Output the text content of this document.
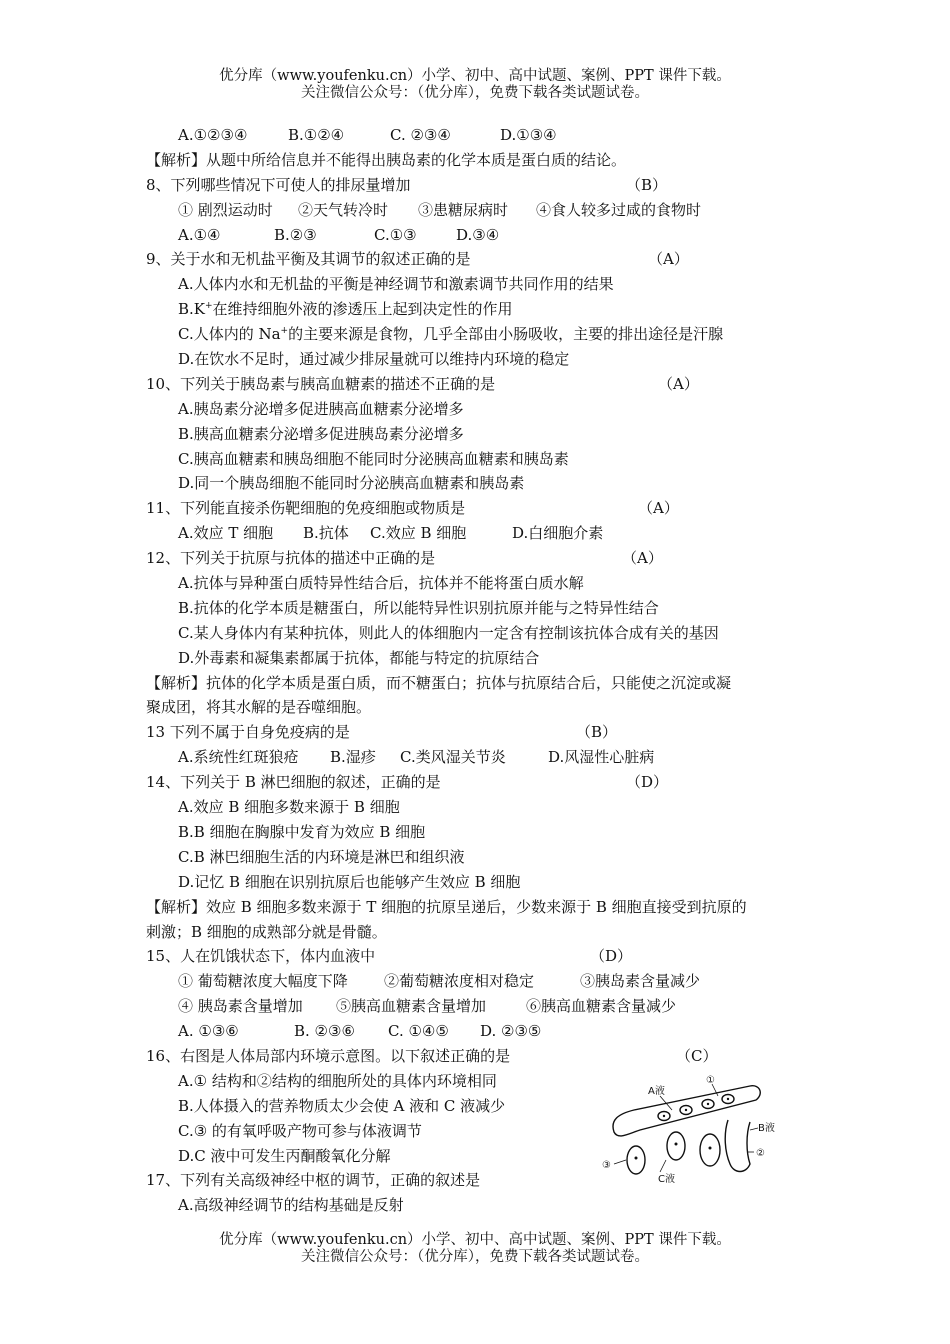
优分库（www.youfenku.cn）小学、初中、高中试题、案例、PPT 课件下载。
关注微信公众号：（优分库），免费下载各类试题试卷。
A.①②③④	B.①②④	C. ②③④	D.①③④
【解析】从题中所给信息并不能得出胰岛素的化学本质是蛋白质的结论。
8、下列哪些情况下可使人的排尿量增加	（B）
① 剧烈运动时 ②天气转冷时 ③患糖尿病时 ④食人较多过咸的食物时
A.①④	B.②③	C.①③	D.③④
9、关于水和无机盐平衡及其调节的叙述正确的是	（A）
A.人体内水和无机盐的平衡是神经调节和激素调节共同作用的结果
B.K+在维持细胞外液的渗透压上起到决定性的作用
C.人体内的 Na+的主要来源是食物，几乎全部由小肠吸收，主要的排出途径是汗腺
D.在饮水不足时，通过减少排尿量就可以维持内环境的稳定
10、下列关于胰岛素与胰高血糖素的描述不正确的是	（A）
A.胰岛素分泌增多促进胰高血糖素分泌增多
B.胰高血糖素分泌增多促进胰岛素分泌增多
C.胰高血糖素和胰岛细胞不能同时分泌胰高血糖素和胰岛素
D.同一个胰岛细胞不能同时分泌胰高血糖素和胰岛素
11、下列能直接杀伤靶细胞的免疫细胞或物质是	（A）
A.效应 T 细胞 B.抗体 C.效应 B 细胞	D.白细胞介素
12、下列关于抗原与抗体的描述中正确的是	（A）
A.抗体与异种蛋白质特异性结合后，抗体并不能将蛋白质水解
B.抗体的化学本质是糖蛋白，所以能特异性识别抗原并能与之特异性结合
C.某人身体内有某种抗体，则此人的体细胞内一定含有控制该抗体合成有关的基因
D.外毒素和凝集素都属于抗体，都能与特定的抗原结合
【解析】抗体的化学本质是蛋白质，而不糖蛋白；抗体与抗原结合后，只能使之沉淀或凝
聚成团，将其水解的是吞噬细胞。
13 下列不属于自身免疫病的是	（B）
A.系统性红斑狼疮 B.湿疹 C.类风湿关节炎	D.风湿性心脏病
14、下列关于 B 淋巴细胞的叙述，正确的是	（D）
A.效应 B 细胞多数来源于 B 细胞
B.B 细胞在胸腺中发育为效应 B 细胞
C.B 淋巴细胞生活的内环境是淋巴和组织液
D.记忆 B 细胞在识别抗原后也能够产生效应 B 细胞
【解析】效应 B 细胞多数来源于 T 细胞的抗原呈递后，少数来源于 B 细胞直接受到抗原的
刺激；B 细胞的成熟部分就是骨髓。
15、人在饥饿状态下，体内血液中	（D）
① 葡萄糖浓度大幅度下降 ②葡萄糖浓度相对稳定	③胰岛素含量减少
④ 胰岛素含量增加 ⑤胰高血糖素含量增加	⑥胰高血糖素含量减少
A. ①③⑥	B. ②③⑥ C. ①④⑤ D. ②③⑤
16、右图是人体局部内环境示意图。以下叙述正确的是	（C）
A.① 结构和②结构的细胞所处的具体内环境相同
B.人体摄入的营养物质太少会使 A 液和 C 液减少
C.③ 的有氧呼吸产物可参与体液调节
D.C 液中可发生丙酮酸氧化分解
17、下列有关高级神经中枢的调节，正确的叙述是
A.高级神经调节的结构基础是反射
A液
①
B液
③
C液
②
优分库（www.youfenku.cn）小学、初中、高中试题、案例、PPT 课件下载。
关注微信公众号：（优分库），免费下载各类试题试卷。
